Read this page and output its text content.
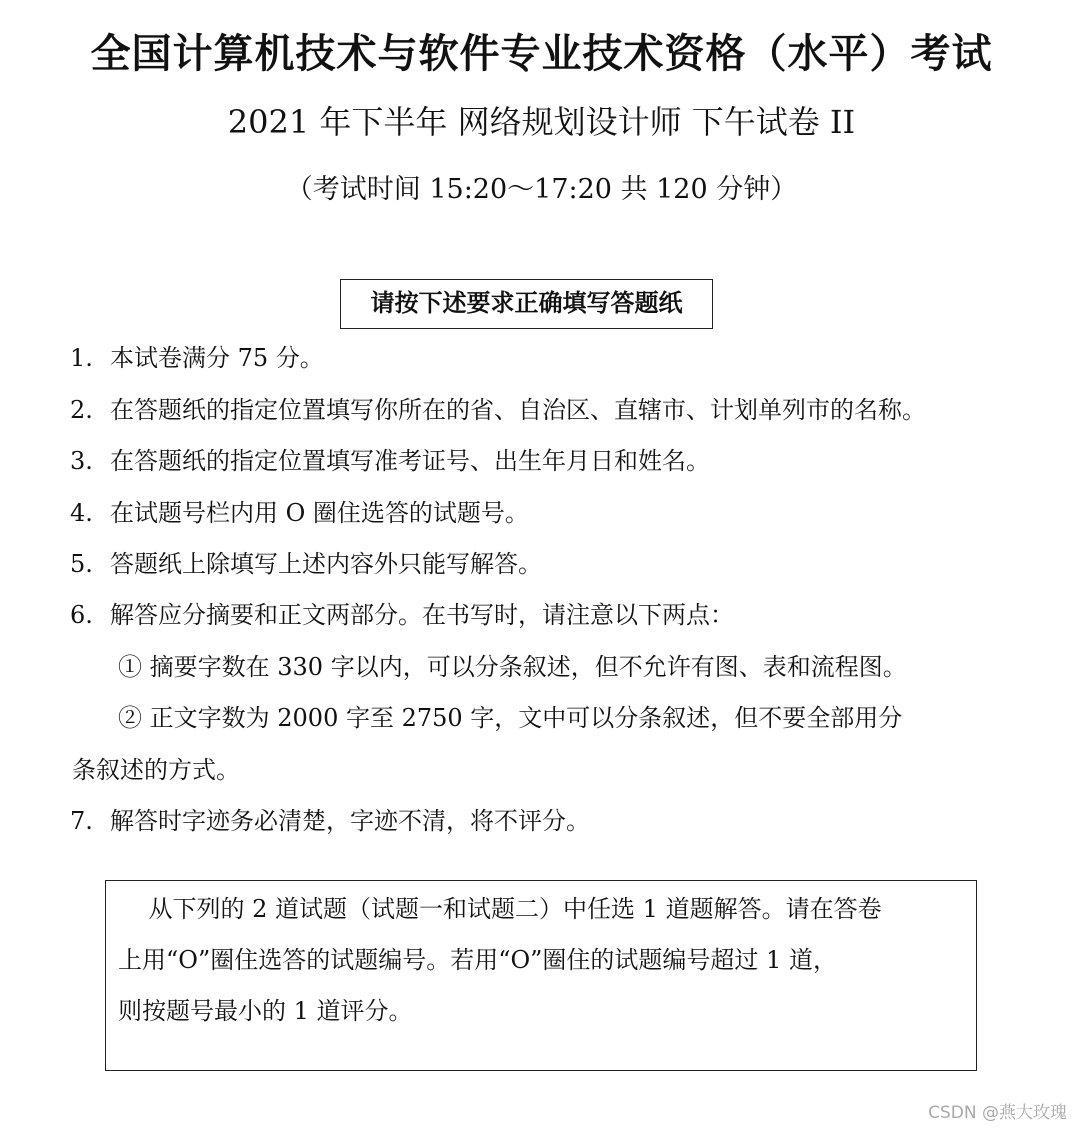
全国计算机技术与软件专业技术资格（水平）考试
2021 年下半年 网络规划设计师 下午试卷 II
（考试时间 15:20～17:20 共 120 分钟）
请按下述要求正确填写答题纸
1. 本试卷满分 75 分。
2. 在答题纸的指定位置填写你所在的省、自治区、直辖市、计划单列市的名称。
3. 在答题纸的指定位置填写准考证号、出生年月日和姓名。
4. 在试题号栏内用 O 圈住选答的试题号。
5. 答题纸上除填写上述内容外只能写解答。
6. 解答应分摘要和正文两部分。在书写时，请注意以下两点：
① 摘要字数在 330 字以内，可以分条叙述，但不允许有图、表和流程图。
② 正文字数为 2000 字至 2750 字，文中可以分条叙述，但不要全部用分
条叙述的方式。
7. 解答时字迹务必清楚，字迹不清，将不评分。
从下列的 2 道试题（试题一和试题二）中任选 1 道题解答。请在答卷
上用“O”圈住选答的试题编号。若用“O”圈住的试题编号超过 1 道，
则按题号最小的 1 道评分。
CSDN @燕大玫瑰
